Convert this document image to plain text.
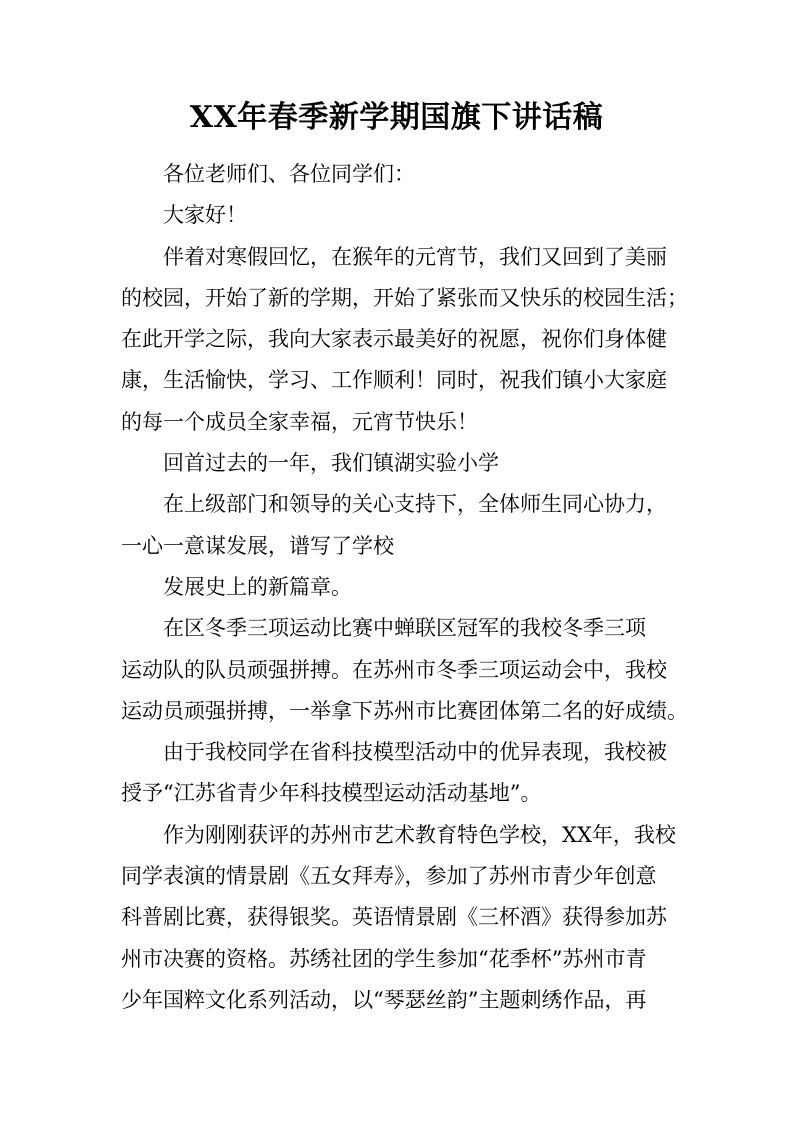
XX年春季新学期国旗下讲话稿

各位老师们、各位同学们：

大家好！

伴着对寒假回忆，在猴年的元宵节，我们又回到了美丽
的校园，开始了新的学期，开始了紧张而又快乐的校园生活；
在此开学之际，我向大家表示最美好的祝愿，祝你们身体健
康，生活愉快，学习、工作顺利！同时，祝我们镇小大家庭
的每一个成员全家幸福，元宵节快乐！

回首过去的一年，我们镇湖实验小学

在上级部门和领导的关心支持下，全体师生同心协力，
一心一意谋发展，谱写了学校

发展史上的新篇章。

在区冬季三项运动比赛中蝉联区冠军的我校冬季三项
运动队的队员顽强拼搏。在苏州市冬季三项运动会中，我校
运动员顽强拼搏，一举拿下苏州市比赛团体第二名的好成绩。

由于我校同学在省科技模型活动中的优异表现，我校被
授予“江苏省青少年科技模型运动活动基地”。

作为刚刚获评的苏州市艺术教育特色学校，XX年，我校
同学表演的情景剧《五女拜寿》，参加了苏州市青少年创意
科普剧比赛，获得银奖。英语情景剧《三杯酒》获得参加苏
州市决赛的资格。苏绣社团的学生参加“花季杯”苏州市青
少年国粹文化系列活动，以“琴瑟丝韵”主题刺绣作品，再
